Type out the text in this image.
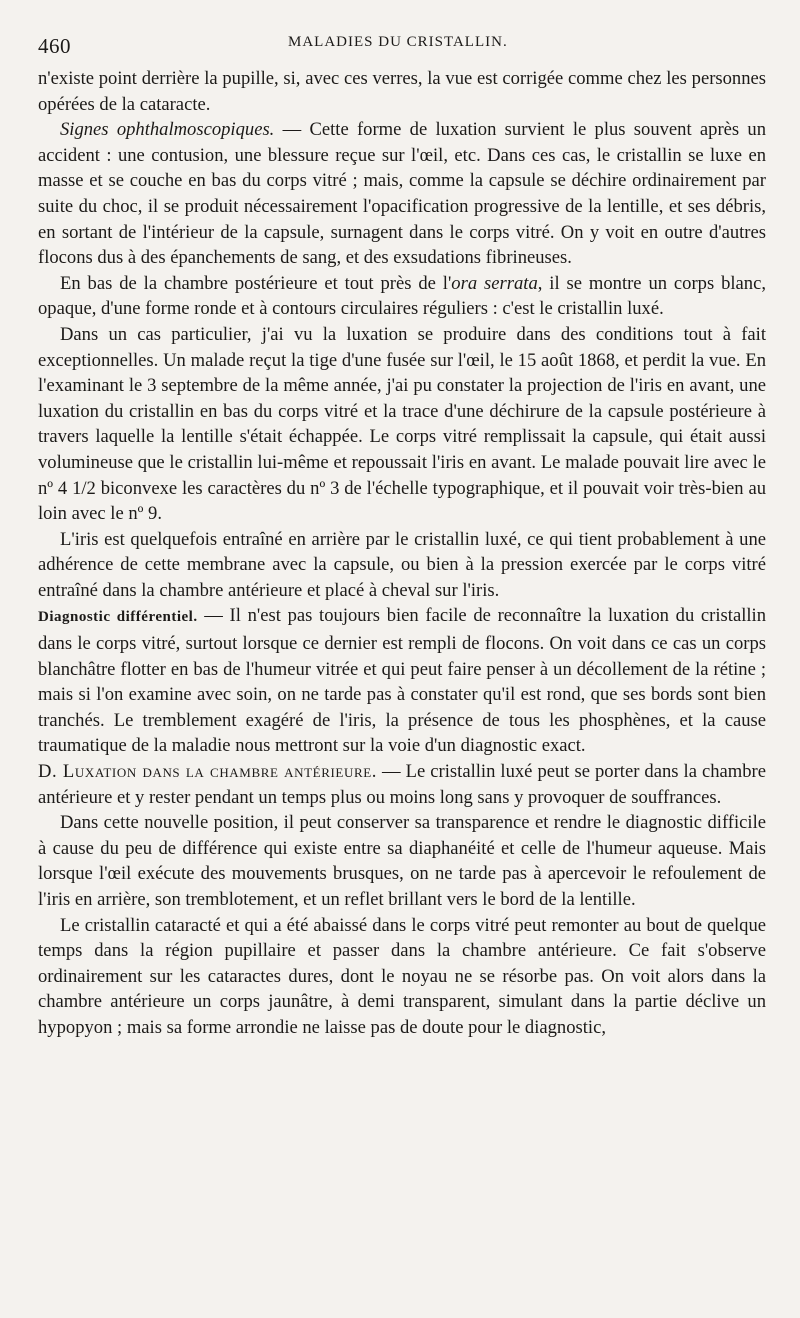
460	MALADIES DU CRISTALLIN.

n'existe point derrière la pupille, si, avec ces verres, la vue est corrigée comme chez les personnes opérées de la cataracte.

Signes ophthalmoscopiques. — Cette forme de luxation survient le plus souvent après un accident : une contusion, une blessure reçue sur l'œil, etc. Dans ces cas, le cristallin se luxe en masse et se couche en bas du corps vitré ; mais, comme la capsule se déchire ordinairement par suite du choc, il se produit nécessairement l'opacification progressive de la lentille, et ses débris, en sortant de l'intérieur de la capsule, surnagent dans le corps vitré. On y voit en outre d'autres flocons dus à des épanchements de sang, et des exsudations fibrineuses.

En bas de la chambre postérieure et tout près de l'ora serrata, il se montre un corps blanc, opaque, d'une forme ronde et à contours circulaires réguliers : c'est le cristallin luxé.

Dans un cas particulier, j'ai vu la luxation se produire dans des conditions tout à fait exceptionnelles. Un malade reçut la tige d'une fusée sur l'œil, le 15 août 1868, et perdit la vue. En l'examinant le 3 septembre de la même année, j'ai pu constater la projection de l'iris en avant, une luxation du cristallin en bas du corps vitré et la trace d'une déchirure de la capsule postérieure à travers laquelle la lentille s'était échappée. Le corps vitré remplissait la capsule, qui était aussi volumineuse que le cristallin lui-même et repoussait l'iris en avant. Le malade pouvait lire avec le nº 4 1/2 biconvexe les caractères du nº 3 de l'échelle typographique, et il pouvait voir très-bien au loin avec le nº 9.

L'iris est quelquefois entraîné en arrière par le cristallin luxé, ce qui tient probablement à une adhérence de cette membrane avec la capsule, ou bien à la pression exercée par le corps vitré entraîné dans la chambre antérieure et placé à cheval sur l'iris.

Diagnostic différentiel. — Il n'est pas toujours bien facile de reconnaître la luxation du cristallin dans le corps vitré, surtout lorsque ce dernier est rempli de flocons. On voit dans ce cas un corps blanchâtre flotter en bas de l'humeur vitrée et qui peut faire penser à un décollement de la rétine ; mais si l'on examine avec soin, on ne tarde pas à constater qu'il est rond, que ses bords sont bien tranchés. Le tremblement exagéré de l'iris, la présence de tous les phosphènes, et la cause traumatique de la maladie nous mettront sur la voie d'un diagnostic exact.

D. Luxation dans la chambre antérieure. — Le cristallin luxé peut se porter dans la chambre antérieure et y rester pendant un temps plus ou moins long sans y provoquer de souffrances.

Dans cette nouvelle position, il peut conserver sa transparence et rendre le diagnostic difficile à cause du peu de différence qui existe entre sa diaphanéité et celle de l'humeur aqueuse. Mais lorsque l'œil exécute des mouvements brusques, on ne tarde pas à apercevoir le refoulement de l'iris en arrière, son tremblotement, et un reflet brillant vers le bord de la lentille.

Le cristallin cataracté et qui a été abaissé dans le corps vitré peut remonter au bout de quelque temps dans la région pupillaire et passer dans la chambre antérieure. Ce fait s'observe ordinairement sur les cataractes dures, dont le noyau ne se résorbe pas. On voit alors dans la chambre antérieure un corps jaunâtre, à demi transparent, simulant dans la partie déclive un hypopyon ; mais sa forme arrondie ne laisse pas de doute pour le diagnostic,
